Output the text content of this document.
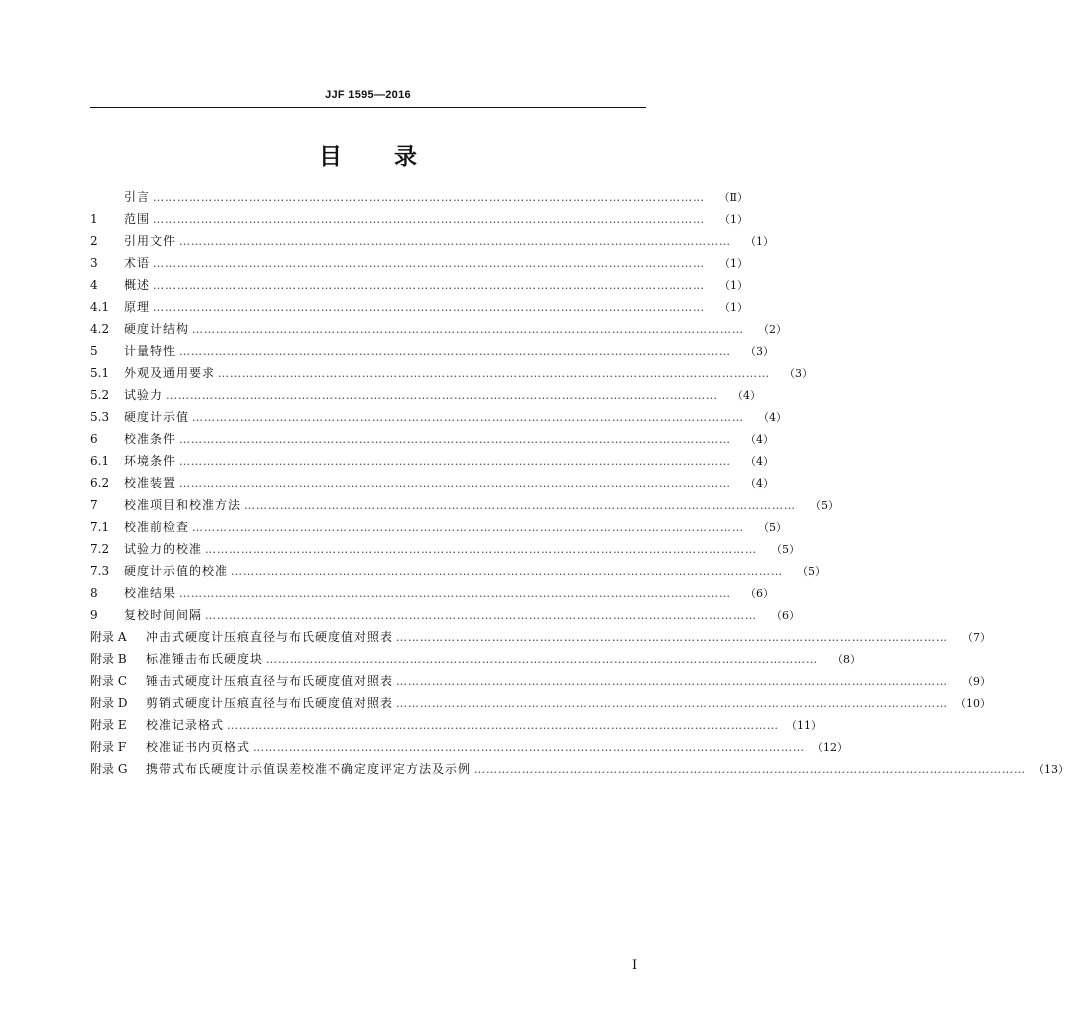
JJF 1595—2016
目 录
引言 …………………………………………………………………………………………………………………………	（Ⅱ）
1	范围 …………………………………………………………………………………………………………………………	（1）
2	引用文件 …………………………………………………………………………………………………………………………	（1）
3	术语 …………………………………………………………………………………………………………………………	（1）
4	概述 …………………………………………………………………………………………………………………………	（1）
4.1	原理 …………………………………………………………………………………………………………………………	（1）
4.2	硬度计结构 …………………………………………………………………………………………………………………………	（2）
5	计量特性 …………………………………………………………………………………………………………………………	（3）
5.1	外观及通用要求 …………………………………………………………………………………………………………………………	（3）
5.2	试验力 …………………………………………………………………………………………………………………………	（4）
5.3	硬度计示值 …………………………………………………………………………………………………………………………	（4）
6	校准条件 …………………………………………………………………………………………………………………………	（4）
6.1	环境条件 …………………………………………………………………………………………………………………………	（4）
6.2	校准装置 …………………………………………………………………………………………………………………………	（4）
7	校准项目和校准方法 …………………………………………………………………………………………………………………………	（5）
7.1	校准前检查 …………………………………………………………………………………………………………………………	（5）
7.2	试验力的校准 …………………………………………………………………………………………………………………………	（5）
7.3	硬度计示值的校准 …………………………………………………………………………………………………………………………	（5）
8	校准结果 …………………………………………………………………………………………………………………………	（6）
9	复校时间间隔 …………………………………………………………………………………………………………………………	（6）
附录 A	冲击式硬度计压痕直径与布氏硬度值对照表 …………………………………………………………………………………………………………………………	（7）
附录 B	标准锤击布氏硬度块 …………………………………………………………………………………………………………………………	（8）
附录 C	锤击式硬度计压痕直径与布氏硬度值对照表 …………………………………………………………………………………………………………………………	（9）
附录 D	剪销式硬度计压痕直径与布氏硬度值对照表 ………………………………………………………………………………………………………………………… （10）
附录 E	校准记录格式 ………………………………………………………………………………………………………………………… （11）
附录 F	校准证书内页格式 ………………………………………………………………………………………………………………………… （12）
附录 G	携带式布氏硬度计示值误差校准不确定度评定方法及示例 ………………………………………………………………………………………………………………………… （13）
Ⅰ
